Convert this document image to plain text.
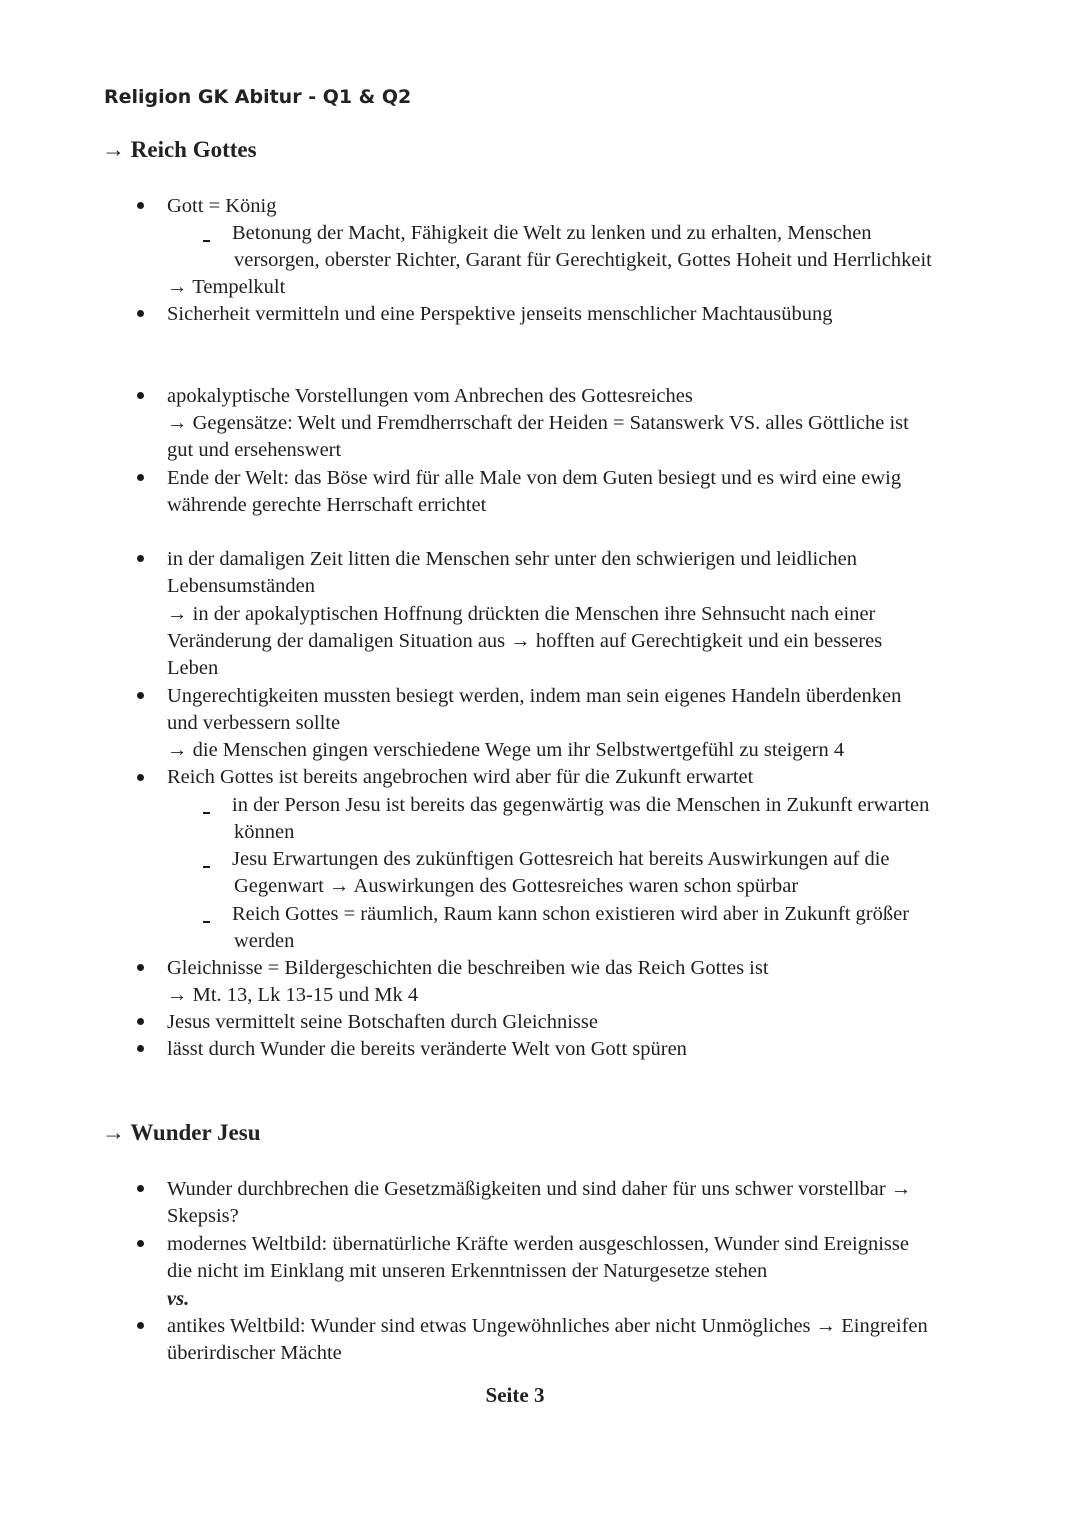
Religion GK Abitur - Q1 & Q2
→ Reich Gottes
Gott = König
Betonung der Macht, Fähigkeit die Welt zu lenken und zu erhalten, Menschen
versorgen, oberster Richter, Garant für Gerechtigkeit, Gottes Hoheit und Herrlichkeit
→ Tempelkult
Sicherheit vermitteln und eine Perspektive jenseits menschlicher Machtausübung
apokalyptische Vorstellungen vom Anbrechen des Gottesreiches
→ Gegensätze: Welt und Fremdherrschaft der Heiden = Satanswerk VS. alles Göttliche ist
gut und ersehenswert
Ende der Welt: das Böse wird für alle Male von dem Guten besiegt und es wird eine ewig
währende gerechte Herrschaft errichtet
in der damaligen Zeit litten die Menschen sehr unter den schwierigen und leidlichen
Lebensumständen
→ in der apokalyptischen Hoffnung drückten die Menschen ihre Sehnsucht nach einer
Veränderung der damaligen Situation aus → hofften auf Gerechtigkeit und ein besseres
Leben
Ungerechtigkeiten mussten besiegt werden, indem man sein eigenes Handeln überdenken
und verbessern sollte
→ die Menschen gingen verschiedene Wege um ihr Selbstwertgefühl zu steigern 4
Reich Gottes ist bereits angebrochen wird aber für die Zukunft erwartet
in der Person Jesu ist bereits das gegenwärtig was die Menschen in Zukunft erwarten
können
Jesu Erwartungen des zukünftigen Gottesreich hat bereits Auswirkungen auf die
Gegenwart → Auswirkungen des Gottesreiches waren schon spürbar
Reich Gottes = räumlich, Raum kann schon existieren wird aber in Zukunft größer
werden
Gleichnisse = Bildergeschichten die beschreiben wie das Reich Gottes ist
→ Mt. 13, Lk 13-15 und Mk 4
Jesus vermittelt seine Botschaften durch Gleichnisse
lässt durch Wunder die bereits veränderte Welt von Gott spüren
→ Wunder Jesu
Wunder durchbrechen die Gesetzmäßigkeiten und sind daher für uns schwer vorstellbar →
Skepsis?
modernes Weltbild: übernatürliche Kräfte werden ausgeschlossen, Wunder sind Ereignisse
die nicht im Einklang mit unseren Erkenntnissen der Naturgesetze stehen
vs.
antikes Weltbild: Wunder sind etwas Ungewöhnliches aber nicht Unmögliches → Eingreifen
überirdischer Mächte
Seite 3
